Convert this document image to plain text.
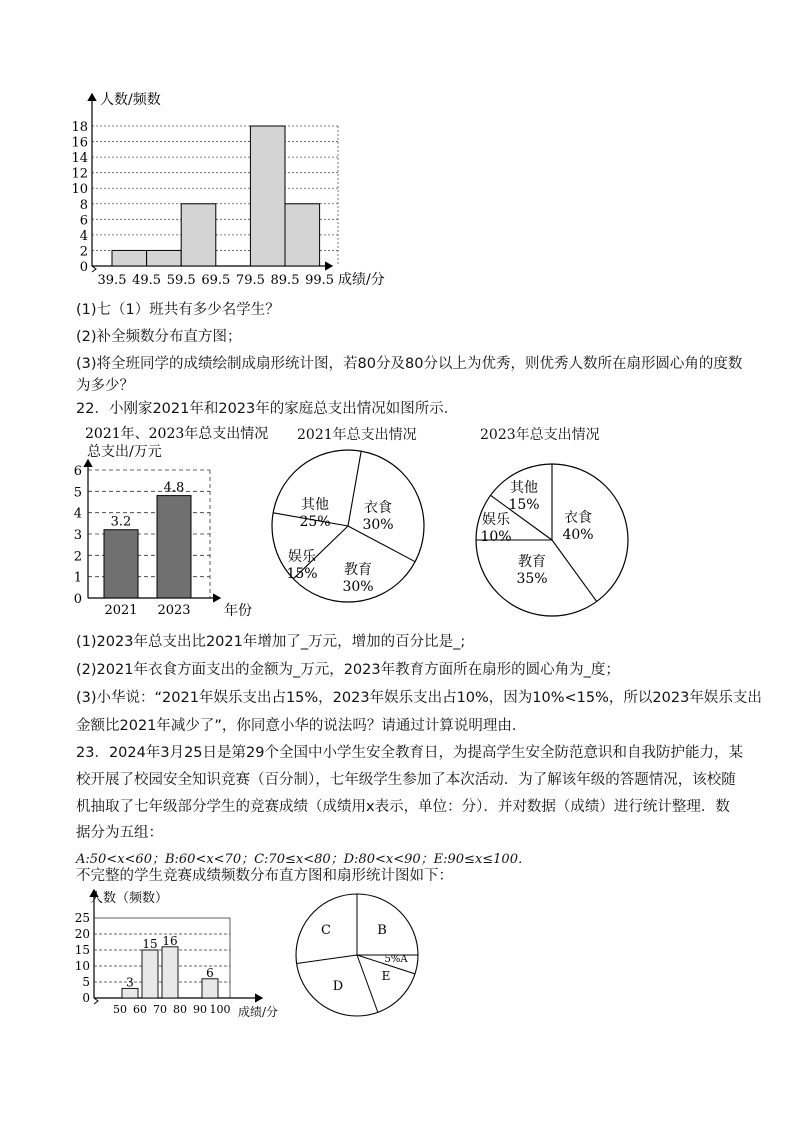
人数/频数
成绩/分
0
2
4
6
8
10
12
14
16
18
39.5 49.5 59.5 69.5 79.5 89.5 99.5
(1)七（1）班共有多少名学生？
(2)补全频数分布直方图；
(3)将全班同学的成绩绘制成扇形统计图，若80分及80分以上为优秀，则优秀人数所在扇形圆心角的度数
为多少？
22．小刚家2021年和2023年的家庭总支出情况如图所示．
2021年、2023年总支出情况
总支出/万元
3.2
2021
4.8
2023
0
1
2
3
4
5
6
年份
2021年总支出情况
其他
25%
衣食
30%
娱乐
15% 教育
30%
2023年总支出情况
其他
15%
衣食
40%
娱乐
10%
教育
35%
(1)2023年总支出比2021年增加了_万元，增加的百分比是_;
(2)2021年衣食方面支出的金额为_万元，2023年教育方面所在扇形的圆心角为_度；
(3)小华说：“2021年娱乐支出占15%，2023年娱乐支出占10%，因为10%<15%，所以2023年娱乐支出
金额比2021年减少了”，你同意小华的说法吗？请通过计算说明理由．
23．2024年3月25日是第29个全国中小学生安全教育日，为提高学生安全防范意识和自我防护能力，某
校开展了校园安全知识竞赛（百分制），七年级学生参加了本次活动．为了解该年级的答题情况，该校随
机抽取了七年级部分学生的竞赛成绩（成绩用x表示，单位：分）．并对数据（成绩）进行统计整理．数
据分为五组：
A:50<x<60；B:60<x<70；C:70≤x<80；D:80<x<90；E:90≤x≤100．
不完整的学生竞赛成绩频数分布直方图和扇形统计图如下：
人数（频数）
3
15 16
6
0
5
10
15
20
25
50 60 70 80 90 100 成绩/分
C	B
5%A
E
D
